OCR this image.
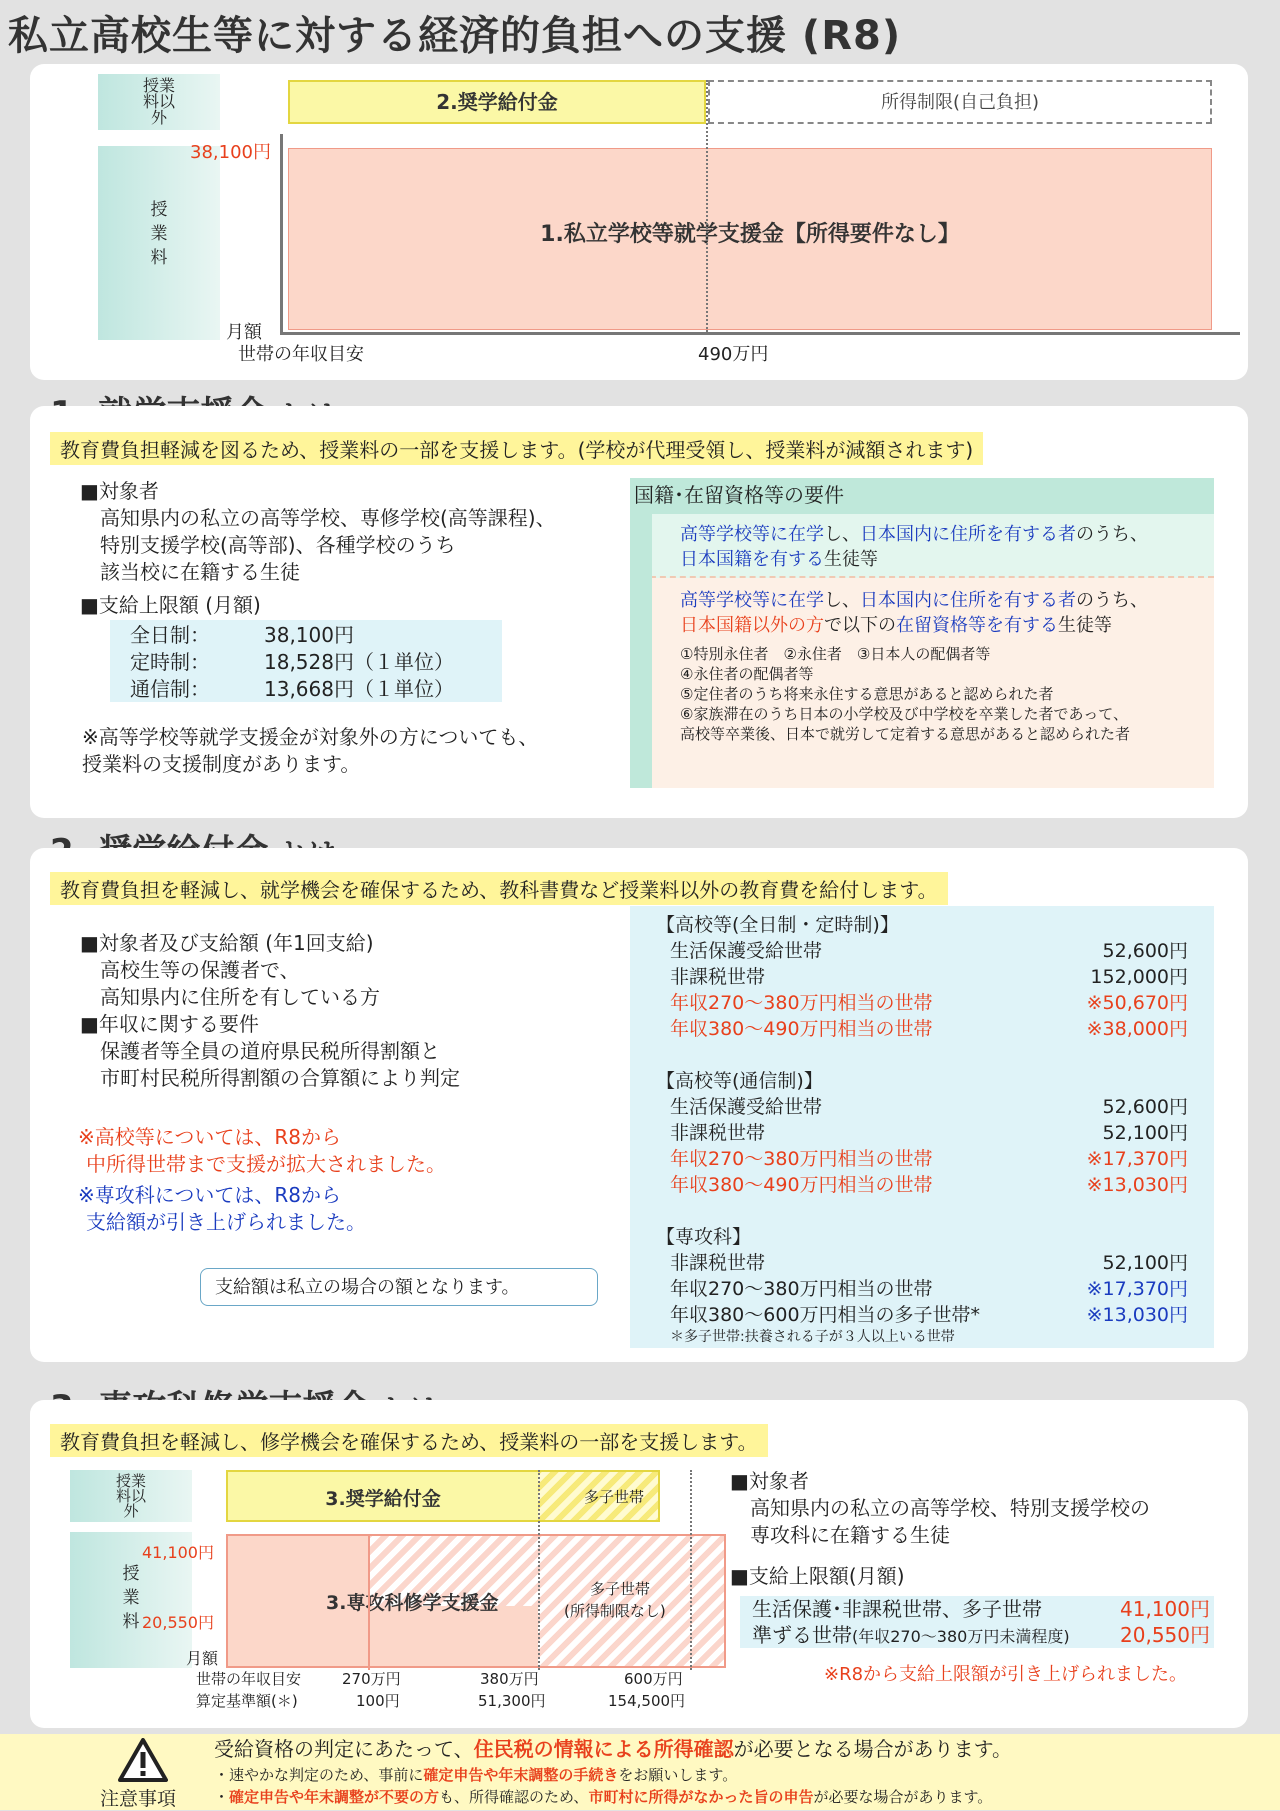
私立高校生等に対する経済的負担への支援 (R8)
授業料以外
授業料
38,100円
月額
世帯の年収目安	490万円
2.奨学給付金	所得制限(自己負担)
1.私立学校等就学支援金【所得要件なし】
教育費負担軽減を図るため、授業料の一部を支援します。(学校が代理受領し、授業料が減額されます)
■対象者
高知県内の私立の高等学校、専修学校(高等課程)、
特別支援学校(高等部)、各種学校のうち
該当校に在籍する生徒
■支給上限額 (月額)
全日制：	38,100円
定時制：	18,528円（１単位）
通信制：	13,668円（１単位）
※高等学校等就学支援金が対象外の方についても、
授業料の支援制度があります。
国籍･在留資格等の要件
高等学校等に在学し、日本国内に住所を有する者のうち、
日本国籍を有する生徒等
高等学校等に在学し、日本国内に住所を有する者のうち、
日本国籍以外の方で以下の在留資格等を有する生徒等
①特別永住者　②永住者　③日本人の配偶者等
④永住者の配偶者等
⑤定住者のうち将来永住する意思があると認められた者
⑥家族滞在のうち日本の小学校及び中学校を卒業した者であって、
高校等卒業後、日本で就労して定着する意思があると認められた者
教育費負担を軽減し、就学機会を確保するため、教科書費など授業料以外の教育費を給付します。
■対象者及び支給額 (年1回支給)
高校生等の保護者で、
高知県内に住所を有している方
■年収に関する要件
保護者等全員の道府県民税所得割額と
市町村民税所得割額の合算額により判定
※高校等については、R8から
中所得世帯まで支援が拡大されました。
※専攻科については、R8から
支給額が引き上げられました。
支給額は私立の場合の額となります。
【高校等(全日制・定時制)】
生活保護受給世帯	52,600円
非課税世帯	152,000円
年収270～380万円相当の世帯	※50,670円
年収380～490万円相当の世帯	※38,000円
【高校等(通信制)】
生活保護受給世帯	52,600円
非課税世帯	52,100円
年収270～380万円相当の世帯	※17,370円
年収380～490万円相当の世帯	※13,030円
【専攻科】
非課税世帯	52,100円
年収270～380万円相当の世帯	※17,370円
年収380～600万円相当の多子世帯*	※13,030円
＊多子世帯:扶養される子が３人以上いる世帯
教育費負担を軽減し、修学機会を確保するため、授業料の一部を支援します。
授業料以外
授業料
41,100円
20,550円
月額
3.奨学給付金	多子世帯
3.専攻科修学支援金
多子世帯
(所得制限なし)
世帯の年収目安
算定基準額(＊)
270万円	380万円	600万円
100円	51,300円	154,500円
■対象者
高知県内の私立の高等学校、特別支援学校の
専攻科に在籍する生徒
■支給上限額(月額)
生活保護･非課税世帯、多子世帯	41,100円
準ずる世帯(年収270～380万円未満程度)	20,550円
※R8から支給上限額が引き上げられました。
注意事項
受給資格の判定にあたって、住民税の情報による所得確認が必要となる場合があります。
・速やかな判定のため、事前に確定申告や年末調整の手続きをお願いします。
・確定申告や年末調整が不要の方も、所得確認のため、市町村に所得がなかった旨の申告が必要な場合があります。
